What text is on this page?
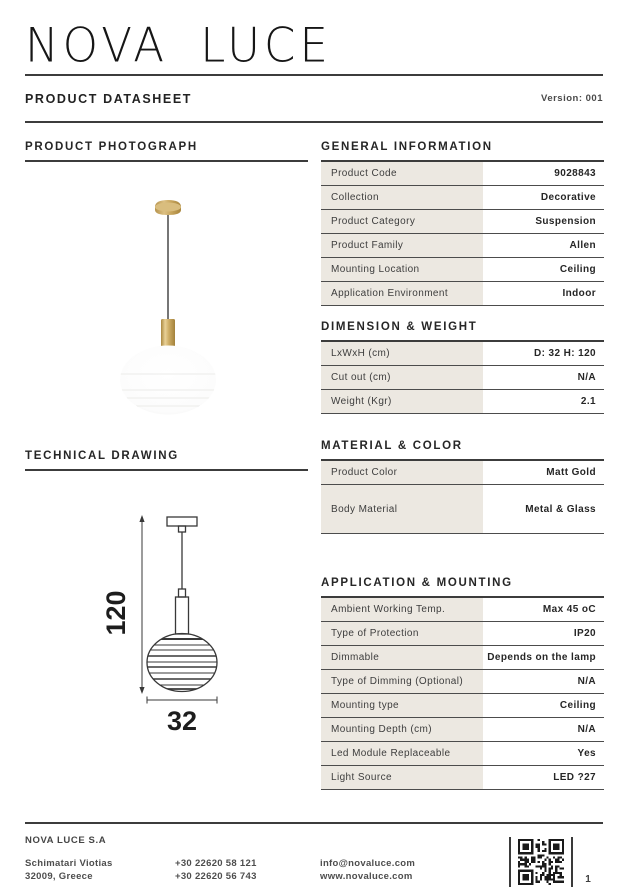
NOVA LUCE
PRODUCT DATASHEET	Version: 001
PRODUCT PHOTOGRAPH
TECHNICAL DRAWING
120
32
GENERAL INFORMATION
Product Code	9028843
Collection	Decorative
Product Category	Suspension
Product Family	Allen
Mounting Location	Ceiling
Application Environment	Indoor
DIMENSION & WEIGHT
LxWxH (cm)	D: 32 H: 120
Cut out (cm)	N/A
Weight (Kgr)	2.1
MATERIAL & COLOR
Product Color	Matt Gold
Body Material	Metal & Glass
APPLICATION & MOUNTING
Ambient Working Temp.	Max 45 oC
Type of Protection	IP20
Dimmable	Depends on the lamp
Type of Dimming (Optional)	N/A
Mounting type	Ceiling
Mounting Depth (cm)	N/A
Led Module Replaceable	Yes
Light Source	LED ?27
NOVA LUCE S.A
Schimatari Viotias
32009, Greece
+30 22620 58 121
+30 22620 56 743
info@novaluce.com
www.novaluce.com	1
